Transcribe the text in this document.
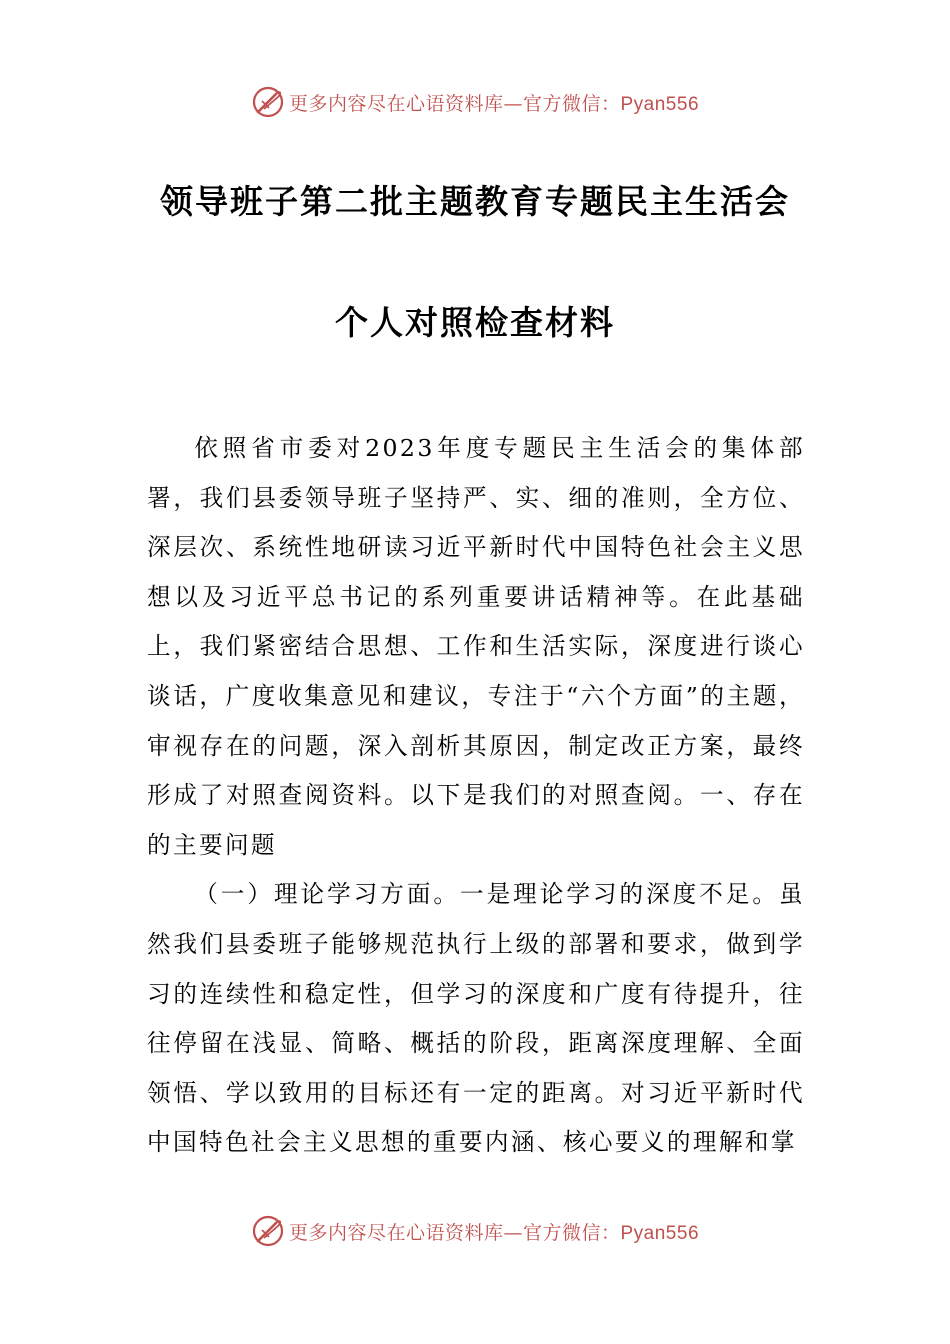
更多内容尽在心语资料库—官方微信：Pyan556
领导班子第二批主题教育专题民主生活会
个人对照检查材料

依照省市委对2023年度专题民主生活会的集体部署，我们县委领导班子坚持严、实、细的准则，全方位、深层次、系统性地研读习近平新时代中国特色社会主义思想以及习近平总书记的系列重要讲话精神等。在此基础上，我们紧密结合思想、工作和生活实际，深度进行谈心谈话，广度收集意见和建议，专注于“六个方面”的主题，审视存在的问题，深入剖析其原因，制定改正方案，最终形成了对照查阅资料。以下是我们的对照查阅。一、存在的主要问题

（一）理论学习方面。一是理论学习的深度不足。虽然我们县委班子能够规范执行上级的部署和要求，做到学习的连续性和稳定性，但学习的深度和广度有待提升，往往停留在浅显、简略、概括的阶段，距离深度理解、全面领悟、学以致用的目标还有一定的距离。对习近平新时代中国特色社会主义思想的重要内涵、核心要义的理解和掌

更多内容尽在心语资料库—官方微信：Pyan556
